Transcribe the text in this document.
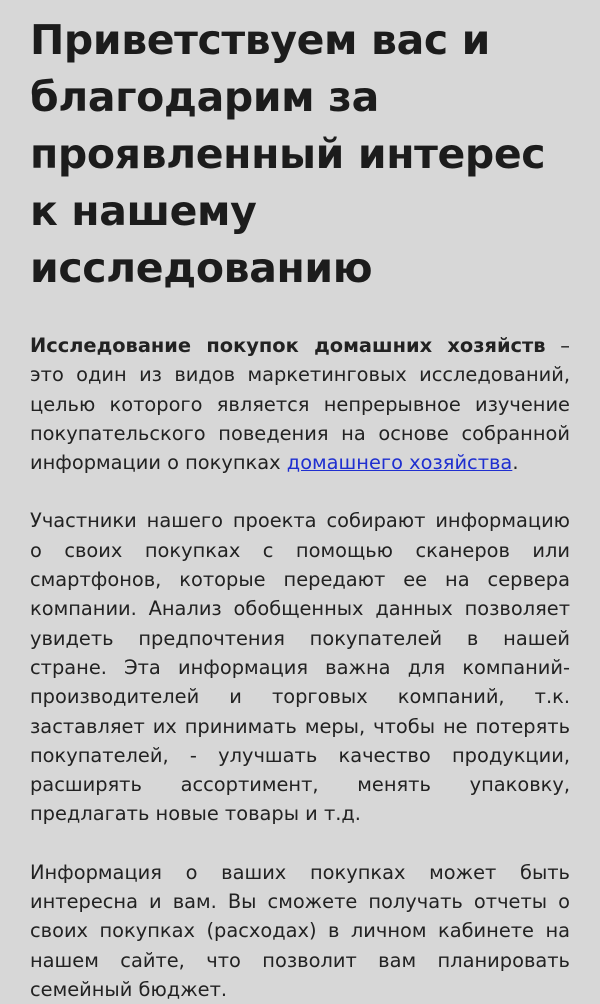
Приветствуем вас и благодарим за проявленный интерес к нашему исследованию

Исследование покупок домашних хозяйств – это один из видов маркетинговых исследований, целью которого является непрерывное изучение покупательского поведения на основе собранной информации о покупках домашнего хозяйства.

Участники нашего проекта собирают информацию о своих покупках с помощью сканеров или смартфонов, которые передают ее на сервера компании. Анализ обобщенных данных позволяет увидеть предпочтения покупателей в нашей стране. Эта информация важна для компаний-производителей и торговых компаний, т.к. заставляет их принимать меры, чтобы не потерять покупателей, - улучшать качество продукции, расширять ассортимент, менять упаковку, предлагать новые товары и т.д.

Информация о ваших покупках может быть интересна и вам. Вы сможете получать отчеты о своих покупках (расходах) в личном кабинете на нашем сайте, что позволит вам планировать семейный бюджет.
